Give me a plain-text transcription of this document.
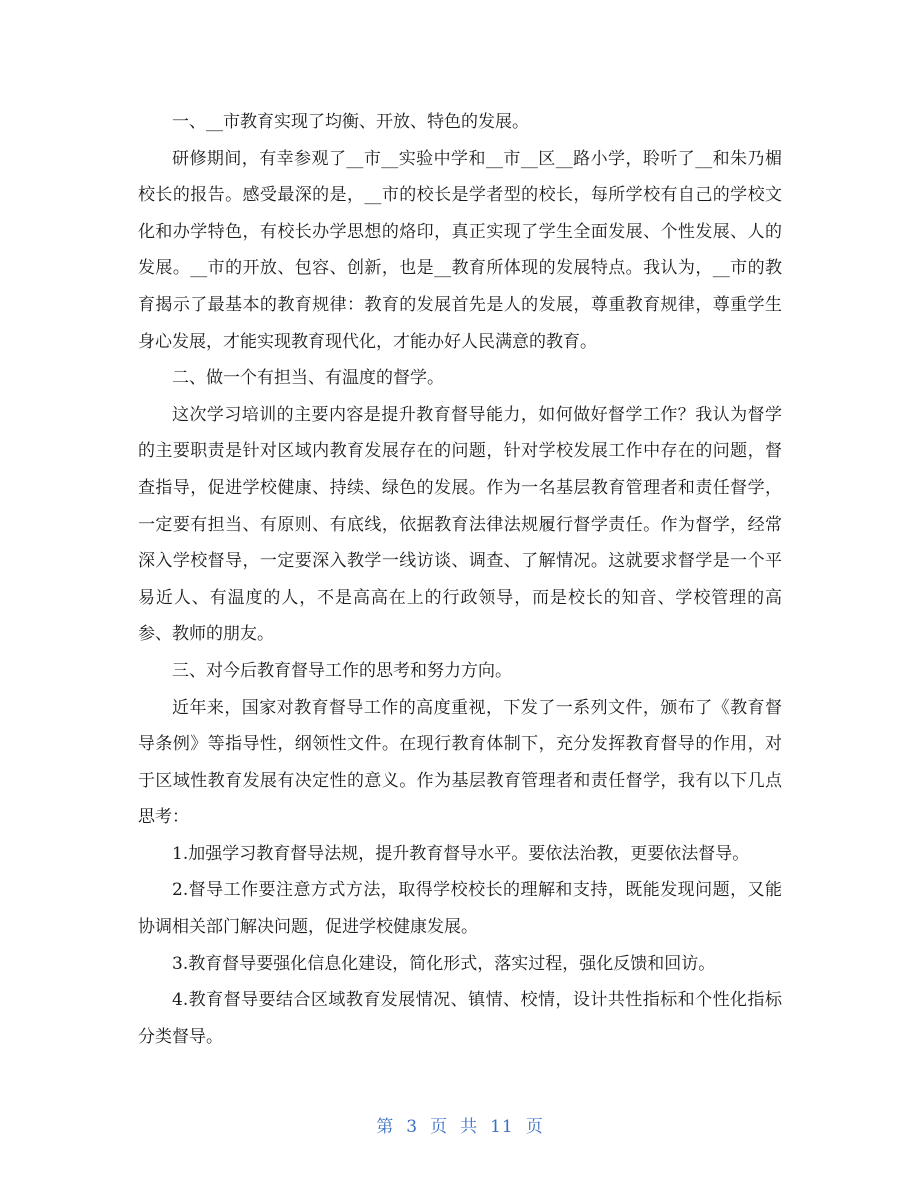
一、__市教育实现了均衡、开放、特色的发展。

研修期间，有幸参观了__市__实验中学和__市__区__路小学，聆听了__和朱乃楣校长的报告。感受最深的是，__市的校长是学者型的校长，每所学校有自己的学校文化和办学特色，有校长办学思想的烙印，真正实现了学生全面发展、个性发展、人的发展。__市的开放、包容、创新，也是__教育所体现的发展特点。我认为，__市的教育揭示了最基本的教育规律：教育的发展首先是人的发展，尊重教育规律，尊重学生身心发展，才能实现教育现代化，才能办好人民满意的教育。

二、做一个有担当、有温度的督学。

这次学习培训的主要内容是提升教育督导能力，如何做好督学工作？我认为督学的主要职责是针对区域内教育发展存在的问题，针对学校发展工作中存在的问题，督查指导，促进学校健康、持续、绿色的发展。作为一名基层教育管理者和责任督学，一定要有担当、有原则、有底线，依据教育法律法规履行督学责任。作为督学，经常深入学校督导，一定要深入教学一线访谈、调查、了解情况。这就要求督学是一个平易近人、有温度的人，不是高高在上的行政领导，而是校长的知音、学校管理的高参、教师的朋友。

三、对今后教育督导工作的思考和努力方向。

近年来，国家对教育督导工作的高度重视，下发了一系列文件，颁布了《教育督导条例》等指导性，纲领性文件。在现行教育体制下，充分发挥教育督导的作用，对于区域性教育发展有决定性的意义。作为基层教育管理者和责任督学，我有以下几点思考：

1.加强学习教育督导法规，提升教育督导水平。要依法治教，更要依法督导。

2.督导工作要注意方式方法，取得学校校长的理解和支持，既能发现问题，又能协调相关部门解决问题，促进学校健康发展。

3.教育督导要强化信息化建设，简化形式，落实过程，强化反馈和回访。

4.教育督导要结合区域教育发展情况、镇情、校情，设计共性指标和个性化指标分类督导。

第 3 页 共 11 页
